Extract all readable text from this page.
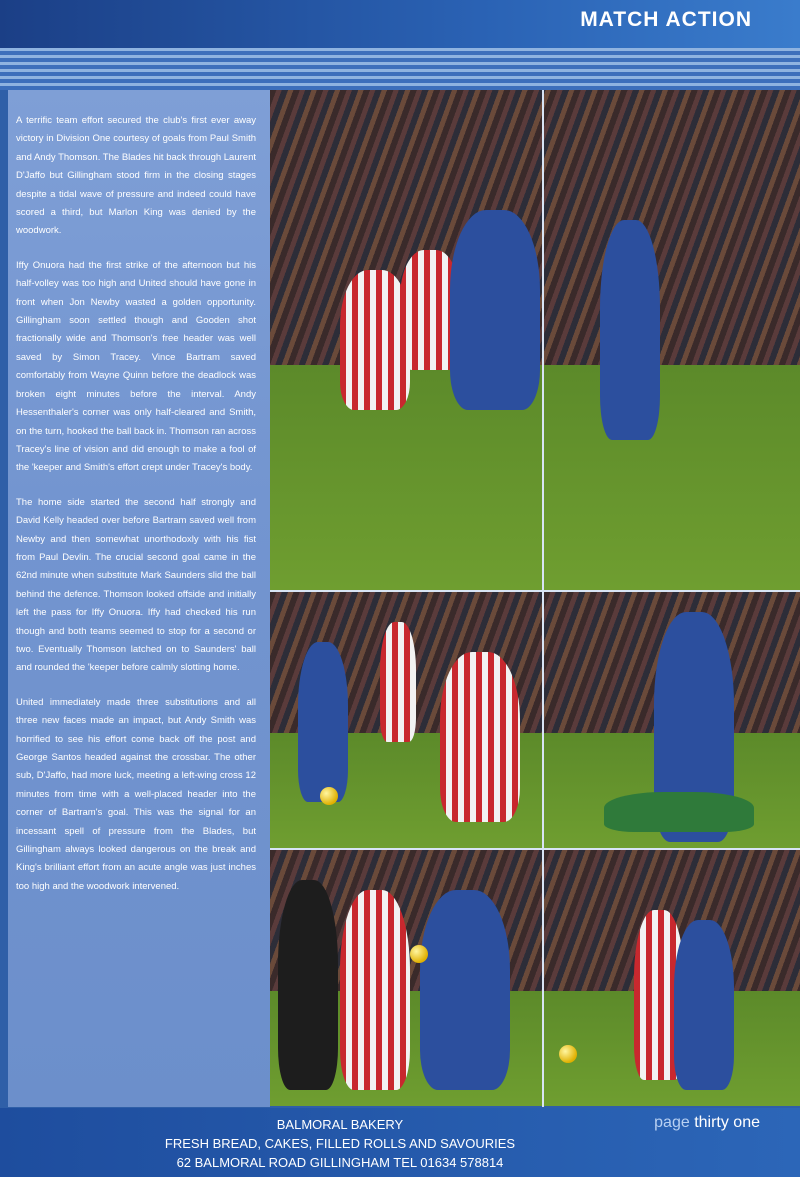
MATCH ACTION

A terrific team effort secured the club's first ever away victory in Division One courtesy of goals from Paul Smith and Andy Thomson. The Blades hit back through Laurent D'Jaffo but Gillingham stood firm in the closing stages despite a tidal wave of pressure and indeed could have scored a third, but Marlon King was denied by the woodwork.

Iffy Onuora had the first strike of the afternoon but his half-volley was too high and United should have gone in front when Jon Newby wasted a golden opportunity. Gillingham soon settled though and Gooden shot fractionally wide and Thomson's free header was well saved by Simon Tracey. Vince Bartram saved comfortably from Wayne Quinn before the deadlock was broken eight minutes before the interval. Andy Hessenthaler's corner was only half-cleared and Smith, on the turn, hooked the ball back in. Thomson ran across Tracey's line of vision and did enough to make a fool of the 'keeper and Smith's effort crept under Tracey's body.

The home side started the second half strongly and David Kelly headed over before Bartram saved well from Newby and then somewhat unorthodoxly with his fist from Paul Devlin. The crucial second goal came in the 62nd minute when substitute Mark Saunders slid the ball behind the defence. Thomson looked offside and initially left the pass for Iffy Onuora. Iffy had checked his run though and both teams seemed to stop for a second or two. Eventually Thomson latched on to Saunders' ball and rounded the 'keeper before calmly slotting home.

United immediately made three substitutions and all three new faces made an impact, but Andy Smith was horrified to see his effort come back off the post and George Santos headed against the crossbar. The other sub, D'Jaffo, had more luck, meeting a left-wing cross 12 minutes from time with a well-placed header into the corner of Bartram's goal. This was the signal for an incessant spell of pressure from the Blades, but Gillingham always looked dangerous on the break and King's brilliant effort from an acute angle was just inches too high and the woodwork intervened.

BALMORAL BAKERY
FRESH BREAD, CAKES, FILLED ROLLS AND SAVOURIES
62 BALMORAL ROAD GILLINGHAM TEL 01634 578814
page thirty one
